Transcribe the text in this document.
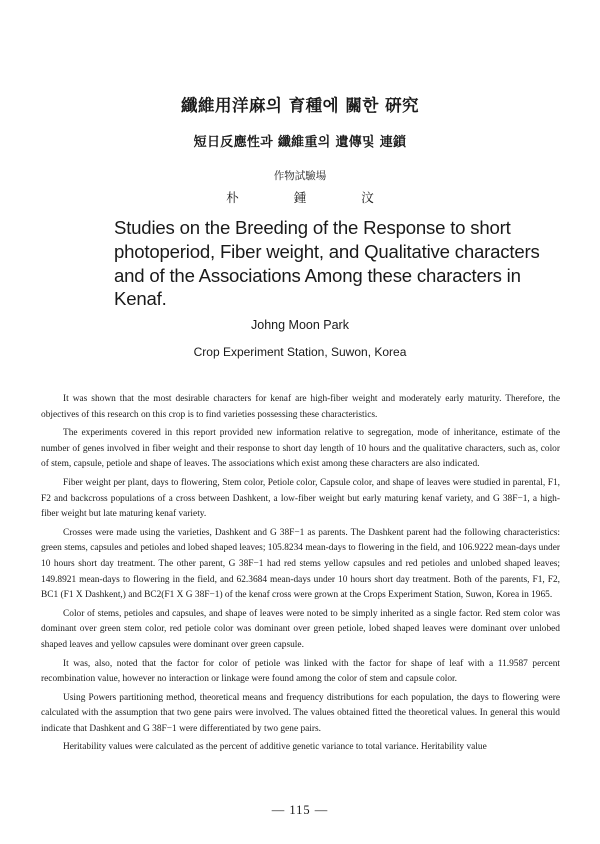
纖維用洋麻의 育種에 關한 硏究
短日反應性과 纖維重의 遺傳및 連鎖
作物試驗場
朴鍾汶
Studies on the Breeding of the Response to short photoperiod, Fiber weight, and Qualitative characters and of the Associations Among these characters in Kenaf.
Johng Moon Park
Crop Experiment Station, Suwon, Korea

It was shown that the most desirable characters for kenaf are high-fiber weight and moderately early maturity. Therefore, the objectives of this research on this crop is to find varieties possessing these characteristics.

The experiments covered in this report provided new information relative to segregation, mode of inheritance, estimate of the number of genes involved in fiber weight and their response to short day length of 10 hours and the qualitative characters, such as, color of stem, capsule, petiole and shape of leaves. The associations which exist among these characters are also indicated.

Fiber weight per plant, days to flowering, Stem color, Petiole color, Capsule color, and shape of leaves were studied in parental, F1, F2 and backcross populations of a cross between Dashkent, a low-fiber weight but early maturing kenaf variety, and G 38F−1, a high-fiber weight but late maturing kenaf variety.

Crosses were made using the varieties, Dashkent and G 38F−1 as parents. The Dashkent parent had the following characteristics: green stems, capsules and petioles and lobed shaped leaves; 105.8234 mean-days to flowering in the field, and 106.9222 mean-days under 10 hours short day treatment. The other parent, G 38F−1 had red stems yellow capsules and red petioles and unlobed shaped leaves; 149.8921 mean-days to flowering in the field, and 62.3684 mean-days under 10 hours short day treatment. Both of the parents, F1, F2, BC1 (F1 X Dashkent,) and BC2(F1 X G 38F−1) of the kenaf cross were grown at the Crops Experiment Station, Suwon, Korea in 1965.

Color of stems, petioles and capsules, and shape of leaves were noted to be simply inherited as a single factor. Red stem color was dominant over green stem color, red petiole color was dominant over green petiole, lobed shaped leaves were dominant over unlobed shaped leaves and yellow capsules were dominant over green capsule.

It was, also, noted that the factor for color of petiole was linked with the factor for shape of leaf with a 11.9587 percent recombination value, however no interaction or linkage were found among the color of stem and capsule color.

Using Powers partitioning method, theoretical means and frequency distributions for each population, the days to flowering were calculated with the assumption that two gene pairs were involved. The values obtained fitted the theoretical values. In general this would indicate that Dashkent and G 38F−1 were differentiated by two gene pairs.

Heritability values were calculated as the percent of additive genetic variance to total variance. Heritability value

— 115 —
